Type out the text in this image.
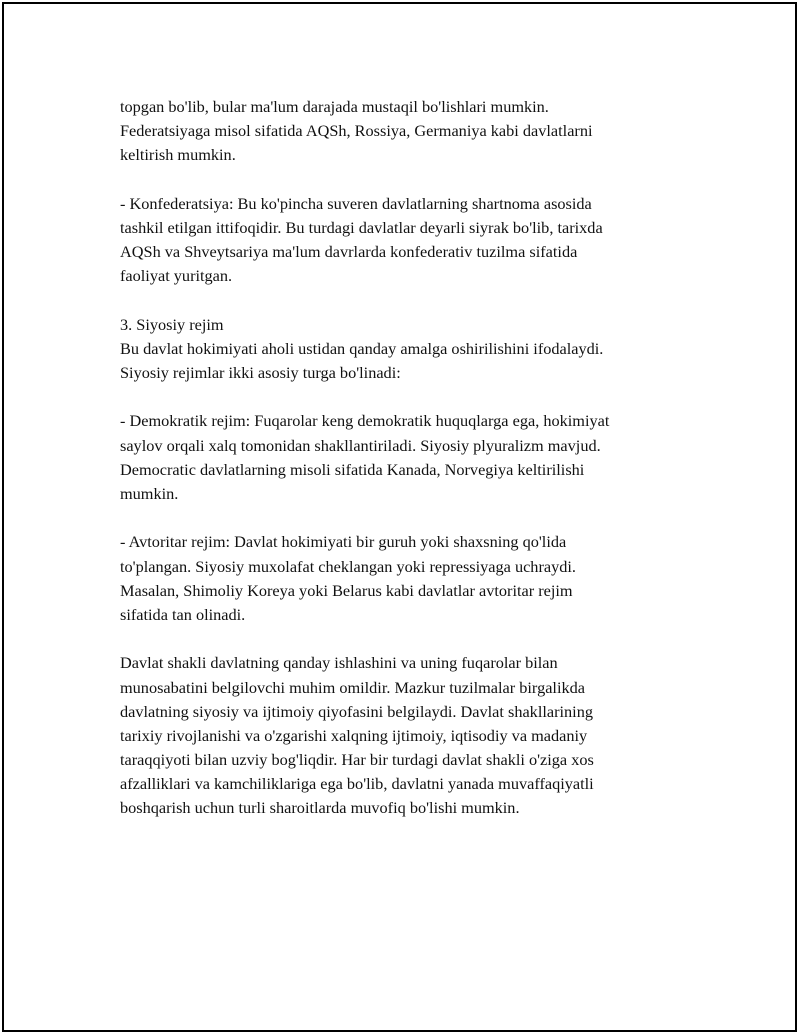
topgan bo'lib, bular ma'lum darajada mustaqil bo'lishlari mumkin.
Federatsiyaga misol sifatida AQSh, Rossiya, Germaniya kabi davlatlarni
keltirish mumkin.
- Konfederatsiya: Bu ko'pincha suveren davlatlarning shartnoma asosida
tashkil etilgan ittifoqidir. Bu turdagi davlatlar deyarli siyrak bo'lib, tarixda
AQSh va Shveytsariya ma'lum davrlarda konfederativ tuzilma sifatida
faoliyat yuritgan.
3. Siyosiy rejim
Bu davlat hokimiyati aholi ustidan qanday amalga oshirilishini ifodalaydi.
Siyosiy rejimlar ikki asosiy turga bo'linadi:
- Demokratik rejim: Fuqarolar keng demokratik huquqlarga ega, hokimiyat
saylov orqali xalq tomonidan shakllantiriladi. Siyosiy plyuralizm mavjud.
Democratic davlatlarning misoli sifatida Kanada, Norvegiya keltirilishi
mumkin.
- Avtoritar rejim: Davlat hokimiyati bir guruh yoki shaxsning qo'lida
to'plangan. Siyosiy muxolafat cheklangan yoki repressiyaga uchraydi.
Masalan, Shimoliy Koreya yoki Belarus kabi davlatlar avtoritar rejim
sifatida tan olinadi.
Davlat shakli davlatning qanday ishlashini va uning fuqarolar bilan
munosabatini belgilovchi muhim omildir. Mazkur tuzilmalar birgalikda
davlatning siyosiy va ijtimoiy qiyofasini belgilaydi. Davlat shakllarining
tarixiy rivojlanishi va o'zgarishi xalqning ijtimoiy, iqtisodiy va madaniy
taraqqiyoti bilan uzviy bog'liqdir. Har bir turdagi davlat shakli o'ziga xos
afzalliklari va kamchiliklariga ega bo'lib, davlatni yanada muvaffaqiyatli
boshqarish uchun turli sharoitlarda muvofiq bo'lishi mumkin.
